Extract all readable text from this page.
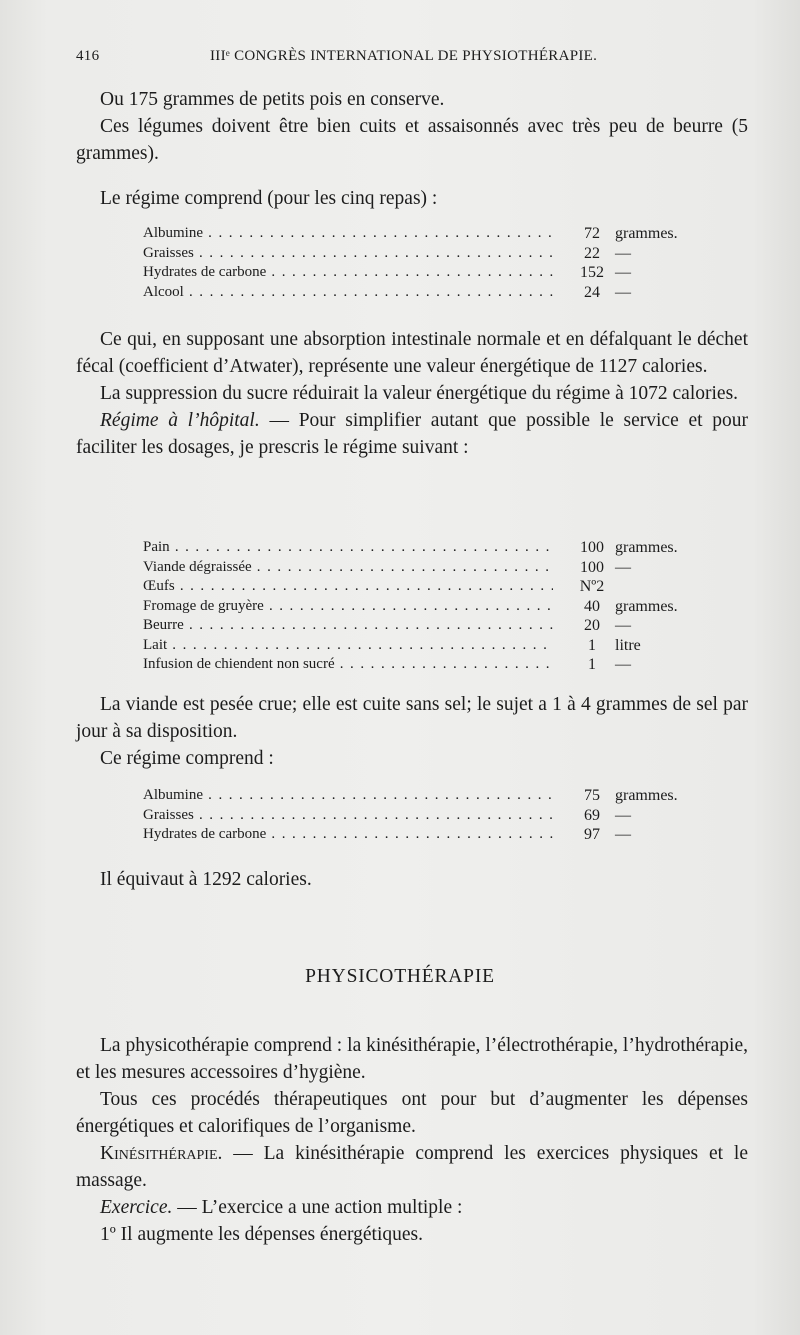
416	IIIᵉ CONGRÈS INTERNATIONAL DE PHYSIOTHÉRAPIE.

Ou 175 grammes de petits pois en conserve.

Ces légumes doivent être bien cuits et assaisonnés avec très peu de beurre (5 grammes).

Le régime comprend (pour les cinq repas) :

Albumine . . .	72 grammes.
Graisses . . .	22 —
Hydrates de carbone . . .	152 —
Alcool . . .	24 —

Ce qui, en supposant une absorption intestinale normale et en défalquant le déchet fécal (coefficient d’Atwater), représente une valeur énergétique de 1127 calories.

La suppression du sucre réduirait la valeur énergétique du régime à 1072 calories.

Régime à l’hôpital. — Pour simplifier autant que possible le service et pour faciliter les dosages, je prescris le régime suivant :

Pain . . .	100 grammes.
Viande dégraissée . . .	100 —
Œufs . . .	Nº2
Fromage de gruyère . . .	40 grammes.
Beurre . . .	20 —
Lait . . .	1	litre
Infusion de chiendent non sucré . . .	1	—

La viande est pesée crue; elle est cuite sans sel; le sujet a 1 à 4 grammes de sel par jour à sa disposition.

Ce régime comprend :

Albumine . . .	75 grammes.
Graisses . . .	69 —
Hydrates de carbone . . .	97 —

Il équivaut à 1292 calories.

PHYSICOTHÉRAPIE

La physicothérapie comprend : la kinésithérapie, l’électrothérapie, l’hydrothérapie, et les mesures accessoires d’hygiène.

Tous ces procédés thérapeutiques ont pour but d’augmenter les dépenses énergétiques et calorifiques de l’organisme.

Kinésithérapie. — La kinésithérapie comprend les exercices physiques et le massage.

Exercice. — L’exercice a une action multiple :

1º Il augmente les dépenses énergétiques.
